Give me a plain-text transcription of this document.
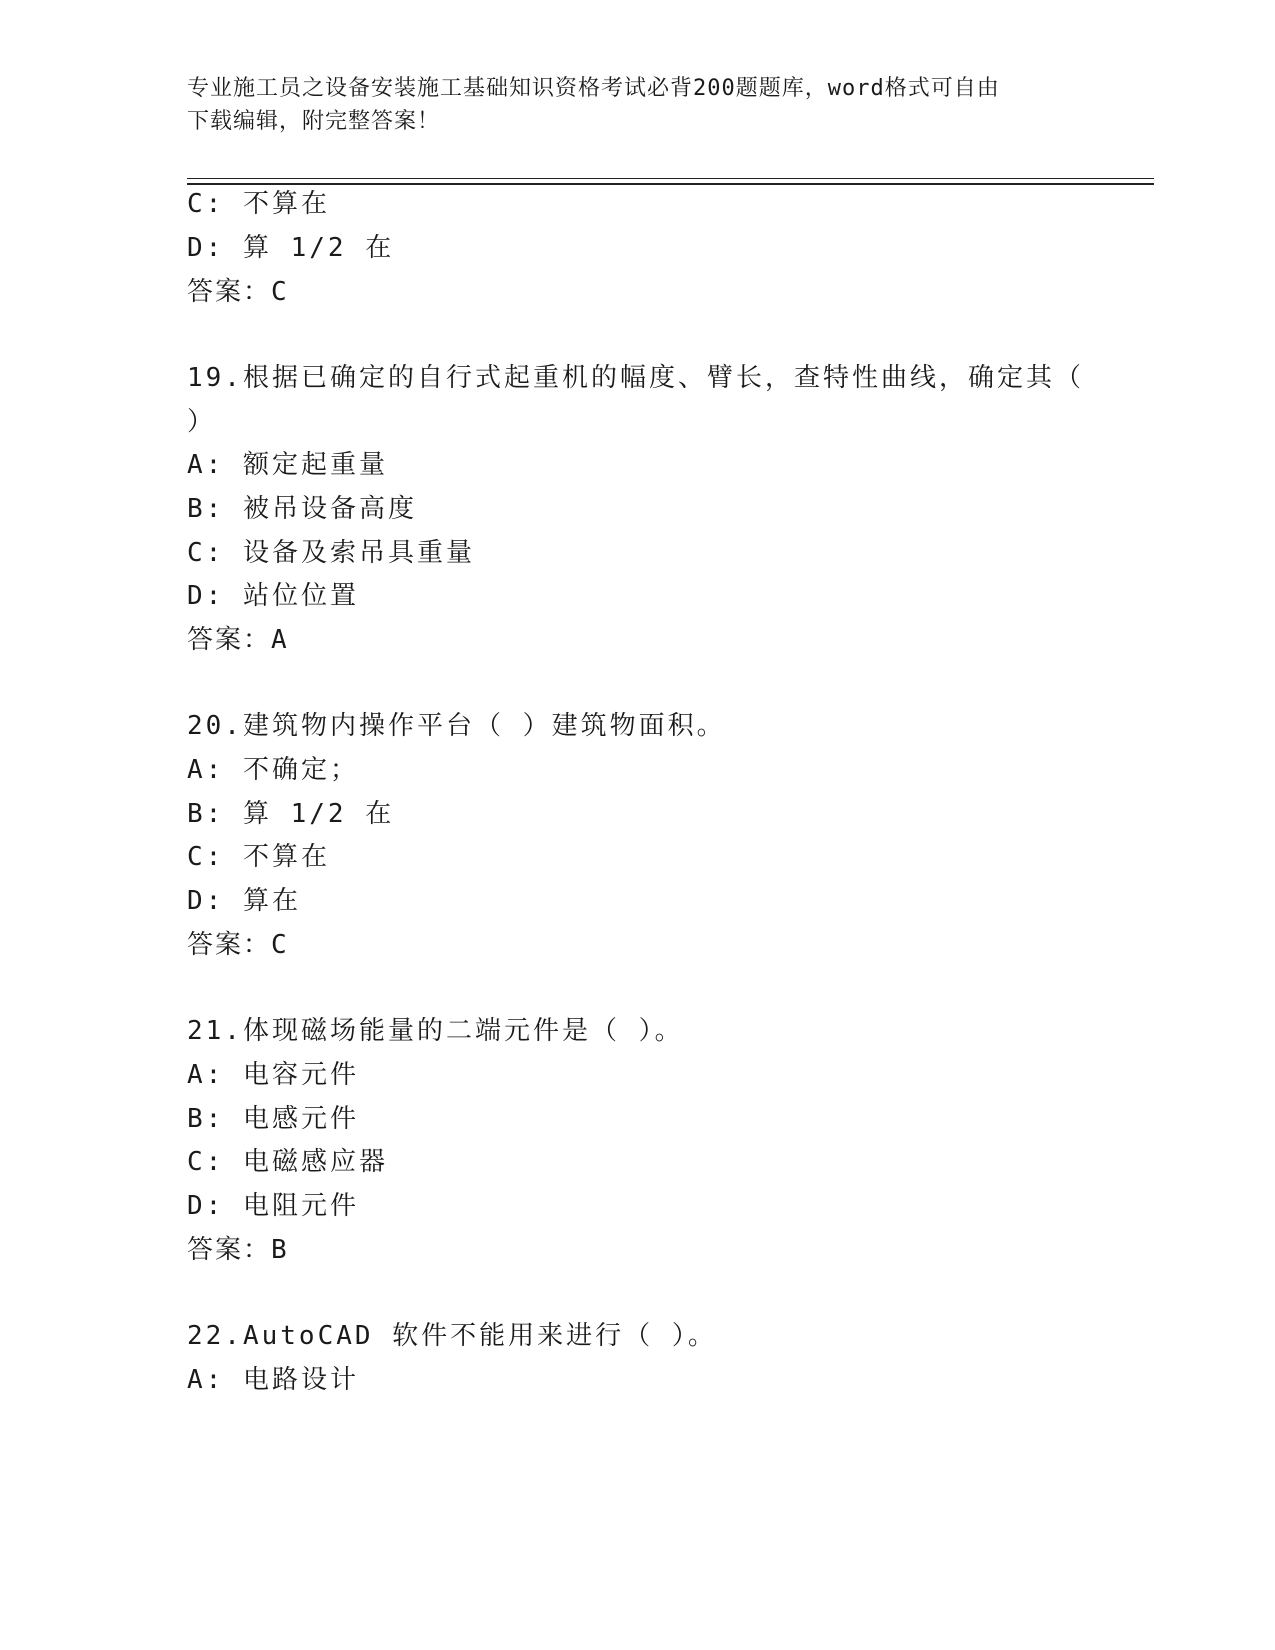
专业施工员之设备安装施工基础知识资格考试必背200题题库，word格式可自由
下载编辑，附完整答案！
C: 不算在
D: 算 1/2 在
答案：C
19.根据已确定的自行式起重机的幅度、臂长，查特性曲线，确定其（
）
A: 额定起重量
B: 被吊设备高度
C: 设备及索吊具重量
D: 站位位置
答案：A
20.建筑物内操作平台（ ）建筑物面积。
A: 不确定；
B: 算 1/2 在
C: 不算在
D: 算在
答案：C
21.体现磁场能量的二端元件是（ ）。
A: 电容元件
B: 电感元件
C: 电磁感应器
D: 电阻元件
答案：B
22.AutoCAD 软件不能用来进行（ ）。
A: 电路设计
